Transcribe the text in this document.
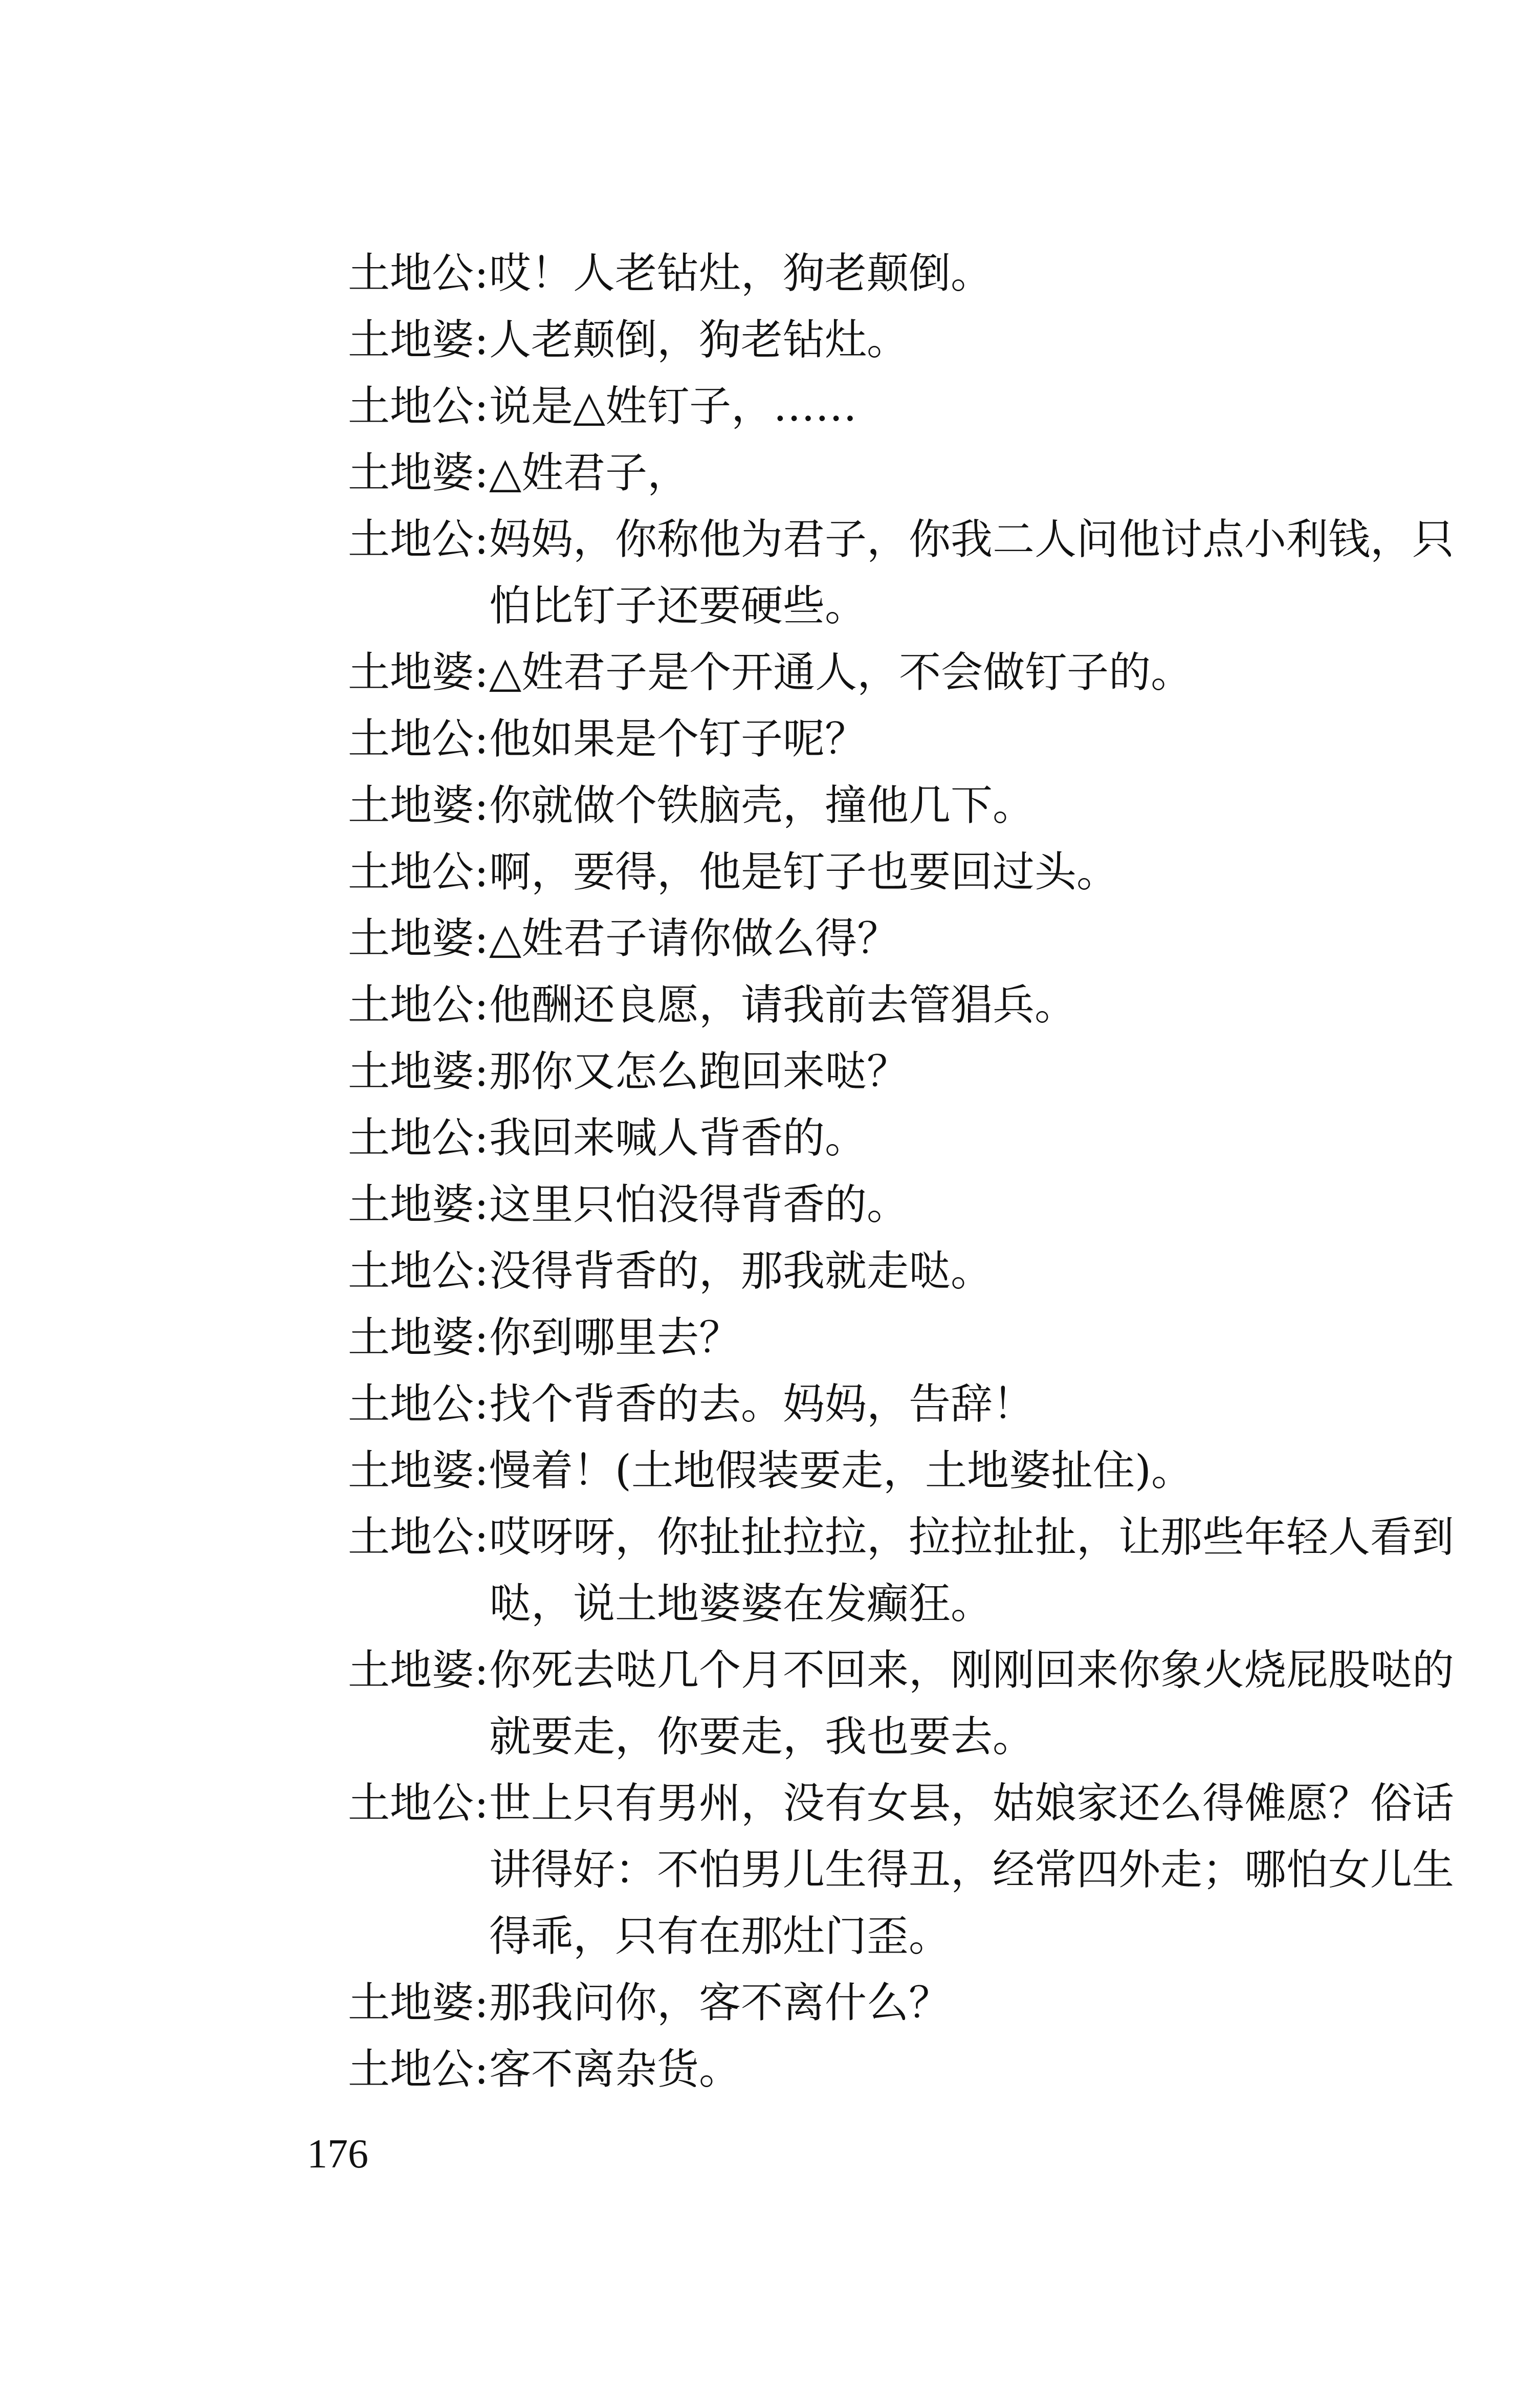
土地公 : 哎！人老钻灶，狗老颠倒。
土地婆 : 人老颠倒，狗老钻灶。
土地公 : 说是△姓钉子，……
土地婆 : △姓君子，
土地公 : 妈妈，你称他为君子，你我二人问他讨点小利钱，只怕比钉子还要硬些。
土地婆 : △姓君子是个开通人，不会做钉子的。
土地公 : 他如果是个钉子呢？
土地婆 : 你就做个铁脑壳，撞他几下。
土地公 : 啊，要得，他是钉子也要回过头。
土地婆 : △姓君子请你做么得？
土地公 : 他酬还良愿，请我前去管猖兵。
土地婆 : 那你又怎么跑回来哒？
土地公 : 我回来喊人背香的。
土地婆 : 这里只怕没得背香的。
土地公 : 没得背香的，那我就走哒。
土地婆 : 你到哪里去？
土地公 : 找个背香的去。妈妈，告辞！
土地婆 : 慢着！(土地假装要走，土地婆扯住)。
土地公 : 哎呀呀，你扯扯拉拉，拉拉扯扯，让那些年轻人看到哒，说土地婆婆在发癫狂。
土地婆 : 你死去哒几个月不回来，刚刚回来你象火烧屁股哒的就要走，你要走，我也要去。
土地公 : 世上只有男州，没有女县，姑娘家还么得傩愿？俗话讲得好：不怕男儿生得丑，经常四外走；哪怕女儿生得乖，只有在那灶门歪。
土地婆 : 那我问你，客不离什么？
土地公 : 客不离杂货。
176
